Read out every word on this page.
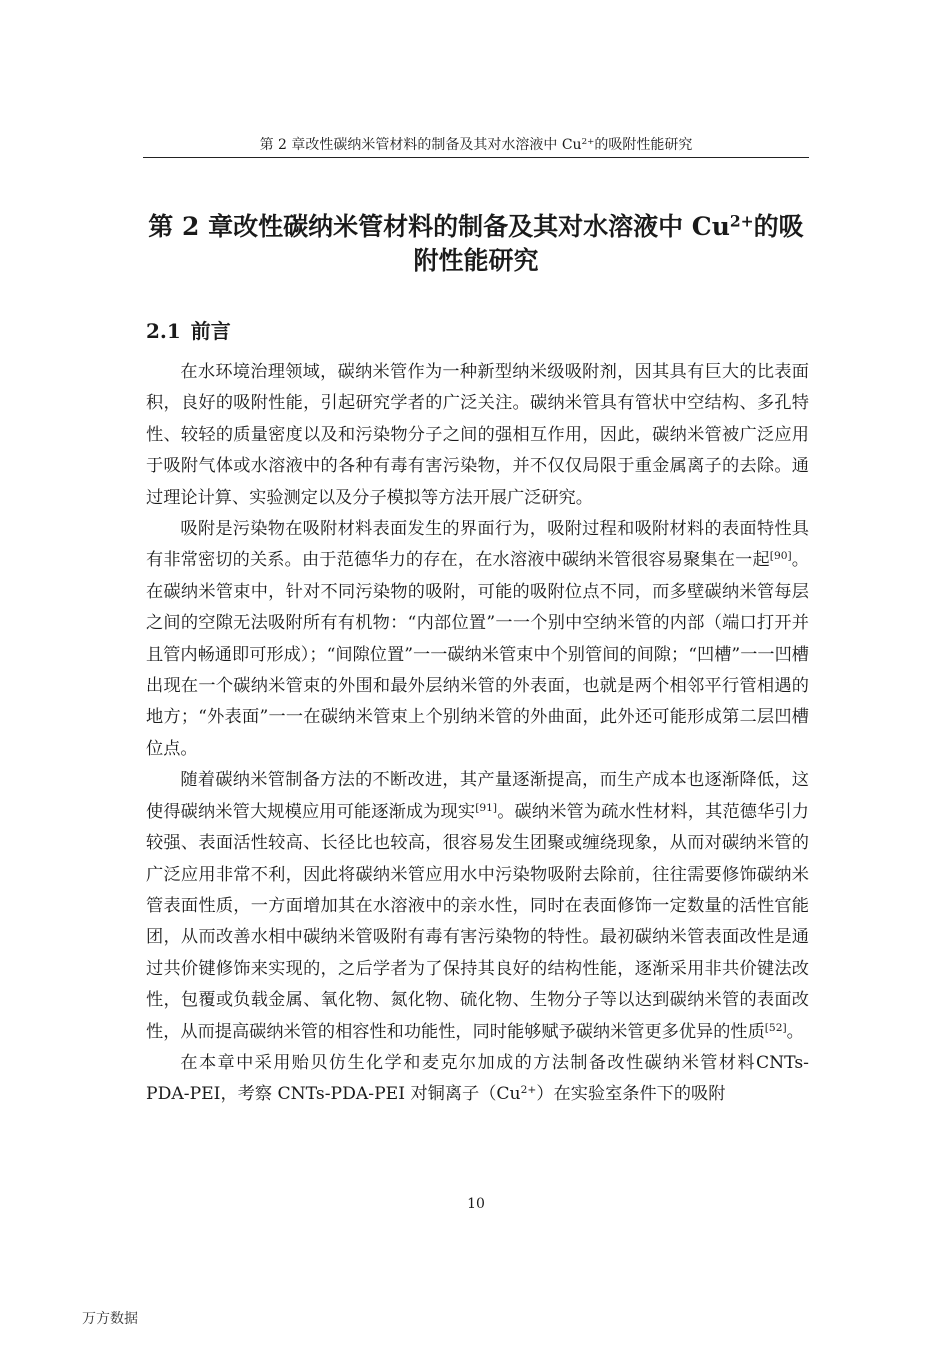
第 2 章改性碳纳米管材料的制备及其对水溶液中 $Cu^{2+}$的吸附性能研究
第 2 章改性碳纳米管材料的制备及其对水溶液中 $Cu^{2+}$的吸附性能研究
2.1 前言

在水环境治理领域，碳纳米管作为一种新型纳米级吸附剂，因其具有巨大的比表面积，良好的吸附性能，引起研究学者的广泛关注。碳纳米管具有管状中空结构、多孔特性、较轻的质量密度以及和污染物分子之间的强相互作用，因此，碳纳米管被广泛应用于吸附气体或水溶液中的各种有毒有害污染物，并不仅仅局限于重金属离子的去除。通过理论计算、实验测定以及分子模拟等方法开展广泛研究。

吸附是污染物在吸附材料表面发生的界面行为，吸附过程和吸附材料的表面特性具有非常密切的关系。由于范德华力的存在，在水溶液中碳纳米管很容易聚集在一起[90]。在碳纳米管束中，针对不同污染物的吸附，可能的吸附位点不同，而多壁碳纳米管每层之间的空隙无法吸附所有有机物：“内部位置”一一个别中空纳米管的内部（端口打开并且管内畅通即可形成）；“间隙位置”一一碳纳米管束中个别管间的间隙；“凹槽”一一凹槽出现在一个碳纳米管束的外围和最外层纳米管的外表面，也就是两个相邻平行管相遇的地方；“外表面”一一在碳纳米管束上个别纳米管的外曲面，此外还可能形成第二层凹槽位点。

随着碳纳米管制备方法的不断改进，其产量逐渐提高，而生产成本也逐渐降低，这使得碳纳米管大规模应用可能逐渐成为现实[91]。碳纳米管为疏水性材料，其范德华引力较强、表面活性较高、长径比也较高，很容易发生团聚或缠绕现象，从而对碳纳米管的广泛应用非常不利，因此将碳纳米管应用水中污染物吸附去除前，往往需要修饰碳纳米管表面性质，一方面增加其在水溶液中的亲水性，同时在表面修饰一定数量的活性官能团，从而改善水相中碳纳米管吸附有毒有害污染物的特性。最初碳纳米管表面改性是通过共价键修饰来实现的，之后学者为了保持其良好的结构性能，逐渐采用非共价键法改性，包覆或负载金属、氧化物、氮化物、硫化物、生物分子等以达到碳纳米管的表面改性，从而提高碳纳米管的相容性和功能性，同时能够赋予碳纳米管更多优异的性质[52]。

在本章中采用贻贝仿生化学和麦克尔加成的方法制备改性碳纳米管材料CNTs-PDA-PEI，考察 CNTs-PDA-PEI 对铜离子$(Cu^{2+})$在实验室条件下的吸附

10
万方数据
